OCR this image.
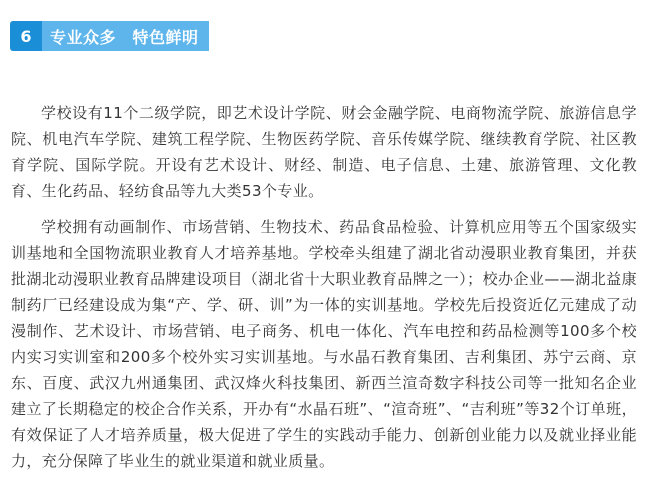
6	专业众多　特色鲜明

学校设有11个二级学院，即艺术设计学院、财会金融学院、电商物流学院、旅游信息学院、机电汽车学院、建筑工程学院、生物医药学院、音乐传媒学院、继续教育学院、社区教育学院、国际学院。开设有艺术设计、财经、制造、电子信息、土建、旅游管理、文化教育、生化药品、轻纺食品等九大类53个专业。

学校拥有动画制作、市场营销、生物技术、药品食品检验、计算机应用等五个国家级实训基地和全国物流职业教育人才培养基地。学校牵头组建了湖北省动漫职业教育集团，并获批湖北动漫职业教育品牌建设项目（湖北省十大职业教育品牌之一）；校办企业——湖北益康制药厂已经建设成为集“产、学、研、训”为一体的实训基地。学校先后投资近亿元建成了动漫制作、艺术设计、市场营销、电子商务、机电一体化、汽车电控和药品检测等100多个校内实习实训室和200多个校外实习实训基地。与水晶石教育集团、吉利集团、苏宁云商、京东、百度、武汉九州通集团、武汉烽火科技集团、新西兰渲奇数字科技公司等一批知名企业建立了长期稳定的校企合作关系，开办有“水晶石班”、“渲奇班”、“吉利班”等32个订单班，有效保证了人才培养质量，极大促进了学生的实践动手能力、创新创业能力以及就业择业能力，充分保障了毕业生的就业渠道和就业质量。
